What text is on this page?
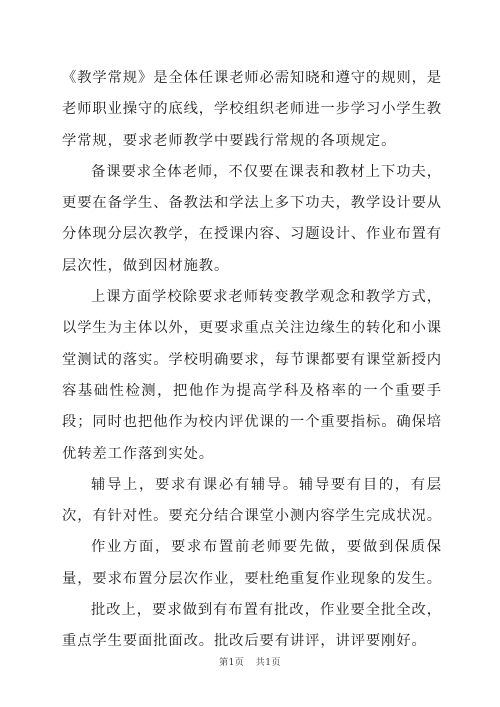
《教学常规》是全体任课老师必需知晓和遵守的规则，是老师职业操守的底线，学校组织老师进一步学习小学生教学常规，要求老师教学中要践行常规的各项规定。

备课要求全体老师，不仅要在课表和教材上下功夫，更要在备学生、备教法和学法上多下功夫，教学设计要从分体现分层次教学，在授课内容、习题设计、作业布置有层次性，做到因材施教。

上课方面学校除要求老师转变教学观念和教学方式，以学生为主体以外，更要求重点关注边缘生的转化和小课堂测试的落实。学校明确要求，每节课都要有课堂新授内容基础性检测，把他作为提高学科及格率的一个重要手段；同时也把他作为校内评优课的一个重要指标。确保培优转差工作落到实处。

辅导上，要求有课必有辅导。辅导要有目的，有层次，有针对性。要充分结合课堂小测内容学生完成状况。

作业方面，要求布置前老师要先做，要做到保质保量，要求布置分层次作业，要杜绝重复作业现象的发生。

批改上，要求做到有布置有批改，作业要全批全改，重点学生要面批面改。批改后要有讲评，讲评要刚好。

第1页 共1页
